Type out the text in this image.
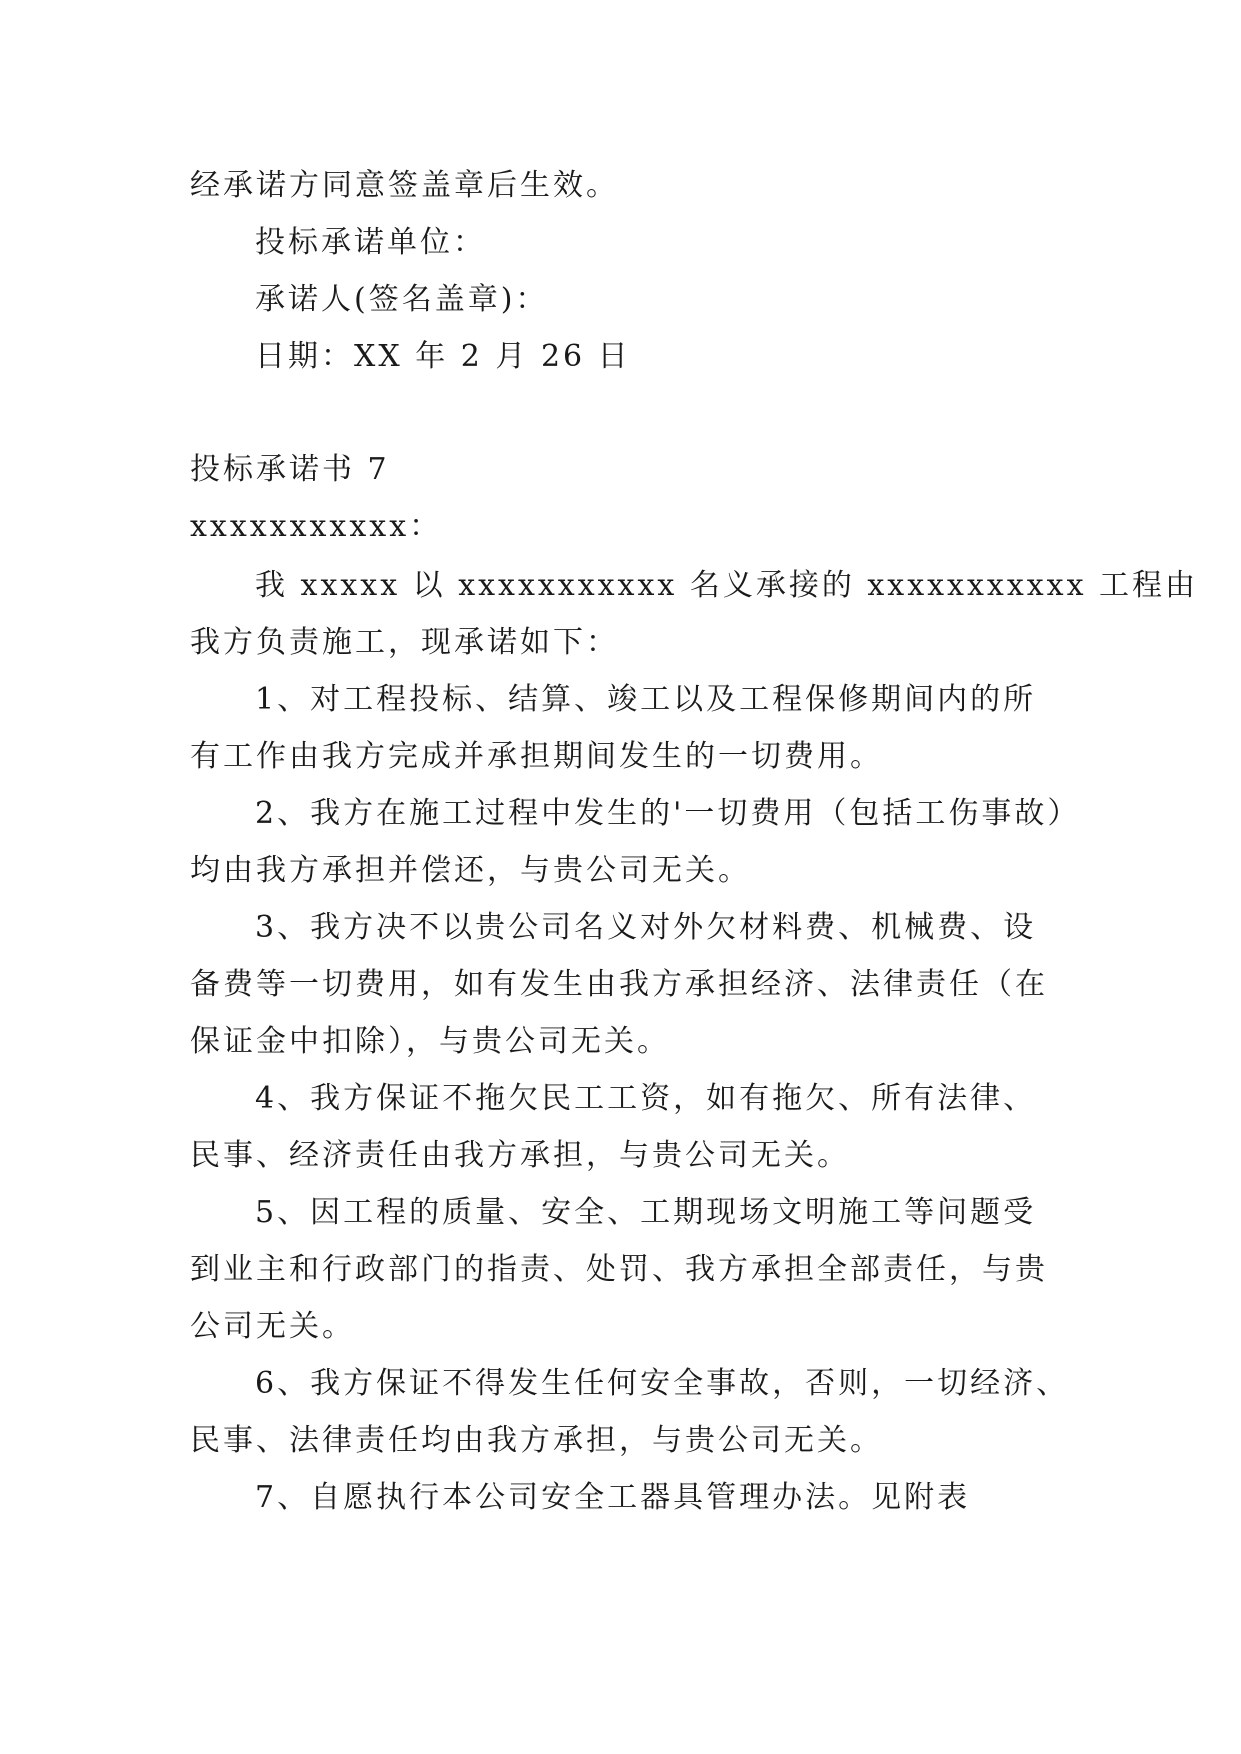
经承诺方同意签盖章后生效。
投标承诺单位：
承诺人(签名盖章)：
日期：XX 年 2 月 26 日
投标承诺书 7
xxxxxxxxxxx：
我 xxxxx 以 xxxxxxxxxxx 名义承接的 xxxxxxxxxxx 工程由
我方负责施工，现承诺如下：
1、对工程投标、结算、竣工以及工程保修期间内的所
有工作由我方完成并承担期间发生的一切费用。
2、我方在施工过程中发生的'一切费用（包括工伤事故）
均由我方承担并偿还，与贵公司无关。
3、我方决不以贵公司名义对外欠材料费、机械费、设
备费等一切费用，如有发生由我方承担经济、法律责任（在
保证金中扣除），与贵公司无关。
4、我方保证不拖欠民工工资，如有拖欠、所有法律、
民事、经济责任由我方承担，与贵公司无关。
5、因工程的质量、安全、工期现场文明施工等问题受
到业主和行政部门的指责、处罚、我方承担全部责任，与贵
公司无关。
6、我方保证不得发生任何安全事故，否则，一切经济、
民事、法律责任均由我方承担，与贵公司无关。
7、自愿执行本公司安全工器具管理办法。见附表
